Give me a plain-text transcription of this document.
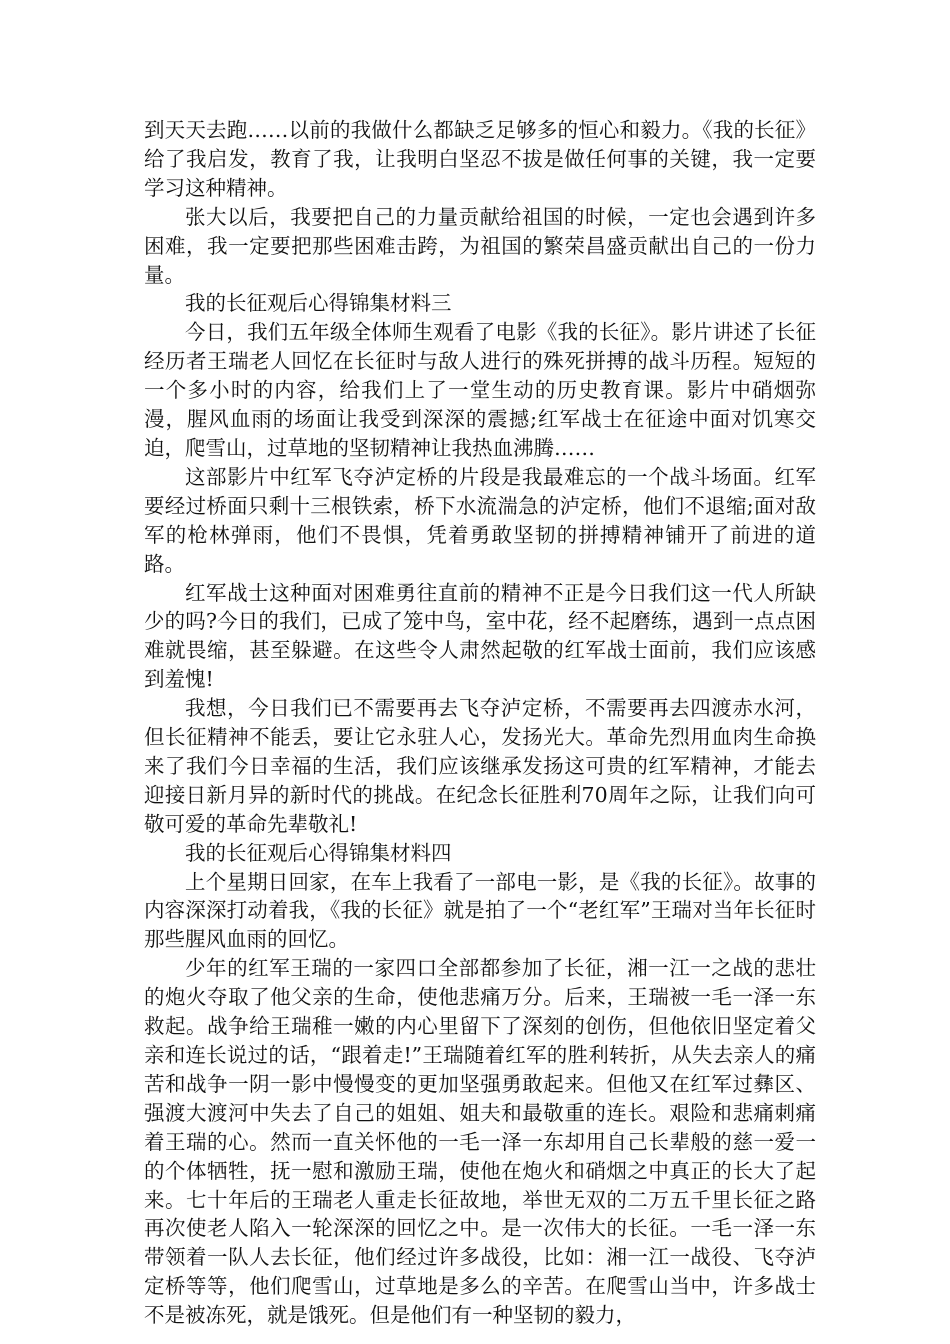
到天天去跑……以前的我做什么都缺乏足够多的恒心和毅力。《我的长征》给了我启发，教育了我，让我明白坚忍不拔是做任何事的关键，我一定要学习这种精神。

张大以后，我要把自己的力量贡献给祖国的时候，一定也会遇到许多困难，我一定要把那些困难击跨，为祖国的繁荣昌盛贡献出自己的一份力量。

我的长征观后心得锦集材料三

今日，我们五年级全体师生观看了电影《我的长征》。影片讲述了长征经历者王瑞老人回忆在长征时与敌人进行的殊死拼搏的战斗历程。短短的一个多小时的内容，给我们上了一堂生动的历史教育课。影片中硝烟弥漫，腥风血雨的场面让我受到深深的震撼;红军战士在征途中面对饥寒交迫，爬雪山，过草地的坚韧精神让我热血沸腾……

这部影片中红军飞夺泸定桥的片段是我最难忘的一个战斗场面。红军要经过桥面只剩十三根铁索，桥下水流湍急的泸定桥，他们不退缩;面对敌军的枪林弹雨，他们不畏惧，凭着勇敢坚韧的拼搏精神铺开了前进的道路。

红军战士这种面对困难勇往直前的精神不正是今日我们这一代人所缺少的吗?今日的我们，已成了笼中鸟，室中花，经不起磨练，遇到一点点困难就畏缩，甚至躲避。在这些令人肃然起敬的红军战士面前，我们应该感到羞愧!

我想，今日我们已不需要再去飞夺泸定桥，不需要再去四渡赤水河，但长征精神不能丢，要让它永驻人心，发扬光大。革命先烈用血肉生命换来了我们今日幸福的生活，我们应该继承发扬这可贵的红军精神，才能去迎接日新月异的新时代的挑战。在纪念长征胜利70周年之际，让我们向可敬可爱的革命先辈敬礼!

我的长征观后心得锦集材料四

上个星期日回家，在车上我看了一部电一影，是《我的长征》。故事的内容深深打动着我，《我的长征》就是拍了一个“老红军”王瑞对当年长征时那些腥风血雨的回忆。

少年的红军王瑞的一家四口全部都参加了长征，湘一江一之战的悲壮的炮火夺取了他父亲的生命，使他悲痛万分。后来，王瑞被一毛一泽一东救起。战争给王瑞稚一嫩的内心里留下了深刻的创伤，但他依旧坚定着父亲和连长说过的话，“跟着走!”王瑞随着红军的胜利转折，从失去亲人的痛苦和战争一阴一影中慢慢变的更加坚强勇敢起来。但他又在红军过彝区、强渡大渡河中失去了自己的姐姐、姐夫和最敬重的连长。艰险和悲痛刺痛着王瑞的心。然而一直关怀他的一毛一泽一东却用自己长辈般的慈一爱一的个体牺牲，抚一慰和激励王瑞，使他在炮火和硝烟之中真正的长大了起来。七十年后的王瑞老人重走长征故地，举世无双的二万五千里长征之路再次使老人陷入一轮深深的回忆之中。是一次伟大的长征。一毛一泽一东带领着一队人去长征，他们经过许多战役，比如：湘一江一战役、飞夺泸定桥等等，他们爬雪山，过草地是多么的辛苦。在爬雪山当中，许多战士不是被冻死，就是饿死。但是他们有一种坚韧的毅力，
